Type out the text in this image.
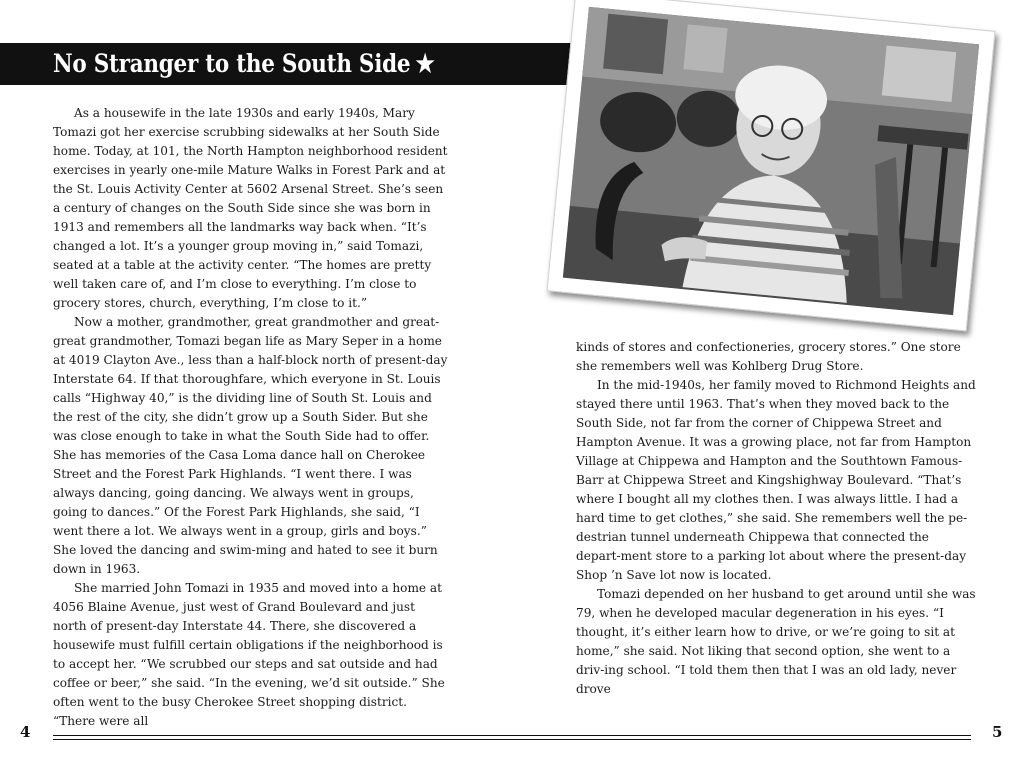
No Stranger to the South Side ★

As a housewife in the late 1930s and early 1940s, Mary Tomazi got her exercise scrubbing sidewalks at her South Side home. Today, at 101, the North Hampton neighborhood resident exercises in yearly one-mile Mature Walks in Forest Park and at the St. Louis Activity Center at 5602 Arsenal Street. She’s seen a century of changes on the South Side since she was born in 1913 and remembers all the landmarks way back when. “It’s changed a lot. It’s a younger group moving in,” said Tomazi, seated at a table at the activity center. “The homes are pretty well taken care of, and I’m close to everything. I’m close to grocery stores, church, everything, I’m close to it.”

Now a mother, grandmother, great grandmother and great-great grandmother, Tomazi began life as Mary Seper in a home at 4019 Clayton Ave., less than a half-block north of present-day Interstate 64. If that thoroughfare, which everyone in St. Louis calls “Highway 40,” is the dividing line of South St. Louis and the rest of the city, she didn’t grow up a South Sider. But she was close enough to take in what the South Side had to offer. She has memories of the Casa Loma dance hall on Cherokee Street and the Forest Park Highlands. “I went there. I was always dancing, going dancing. We always went in groups, going to dances.” Of the Forest Park Highlands, she said, “I went there a lot. We always went in a group, girls and boys.” She loved the dancing and swim-ming and hated to see it burn down in 1963.

She married John Tomazi in 1935 and moved into a home at 4056 Blaine Avenue, just west of Grand Boulevard and just north of present-day Interstate 44. There, she discovered a housewife must fulfill certain obligations if the neighborhood is to accept her. “We scrubbed our steps and sat outside and had coffee or beer,” she said. “In the evening, we’d sit outside.” She often went to the busy Cherokee Street shopping district. “There were all

kinds of stores and confectioneries, grocery stores.” One store she remembers well was Kohlberg Drug Store.

In the mid-1940s, her family moved to Richmond Heights and stayed there until 1963. That’s when they moved back to the South Side, not far from the corner of Chippewa Street and Hampton Avenue. It was a growing place, not far from Hampton Village at Chippewa and Hampton and the Southtown Famous-Barr at Chippewa Street and Kingshighway Boulevard. “That’s where I bought all my clothes then. I was always little. I had a hard time to get clothes,” she said. She remembers well the pe-destrian tunnel underneath Chippewa that connected the depart-ment store to a parking lot about where the present-day Shop ’n Save lot now is located.

Tomazi depended on her husband to get around until she was 79, when he developed macular degeneration in his eyes. “I thought, it’s either learn how to drive, or we’re going to sit at home,” she said. Not liking that second option, she went to a driv-ing school. “I told them then that I was an old lady, never drove

4	5
